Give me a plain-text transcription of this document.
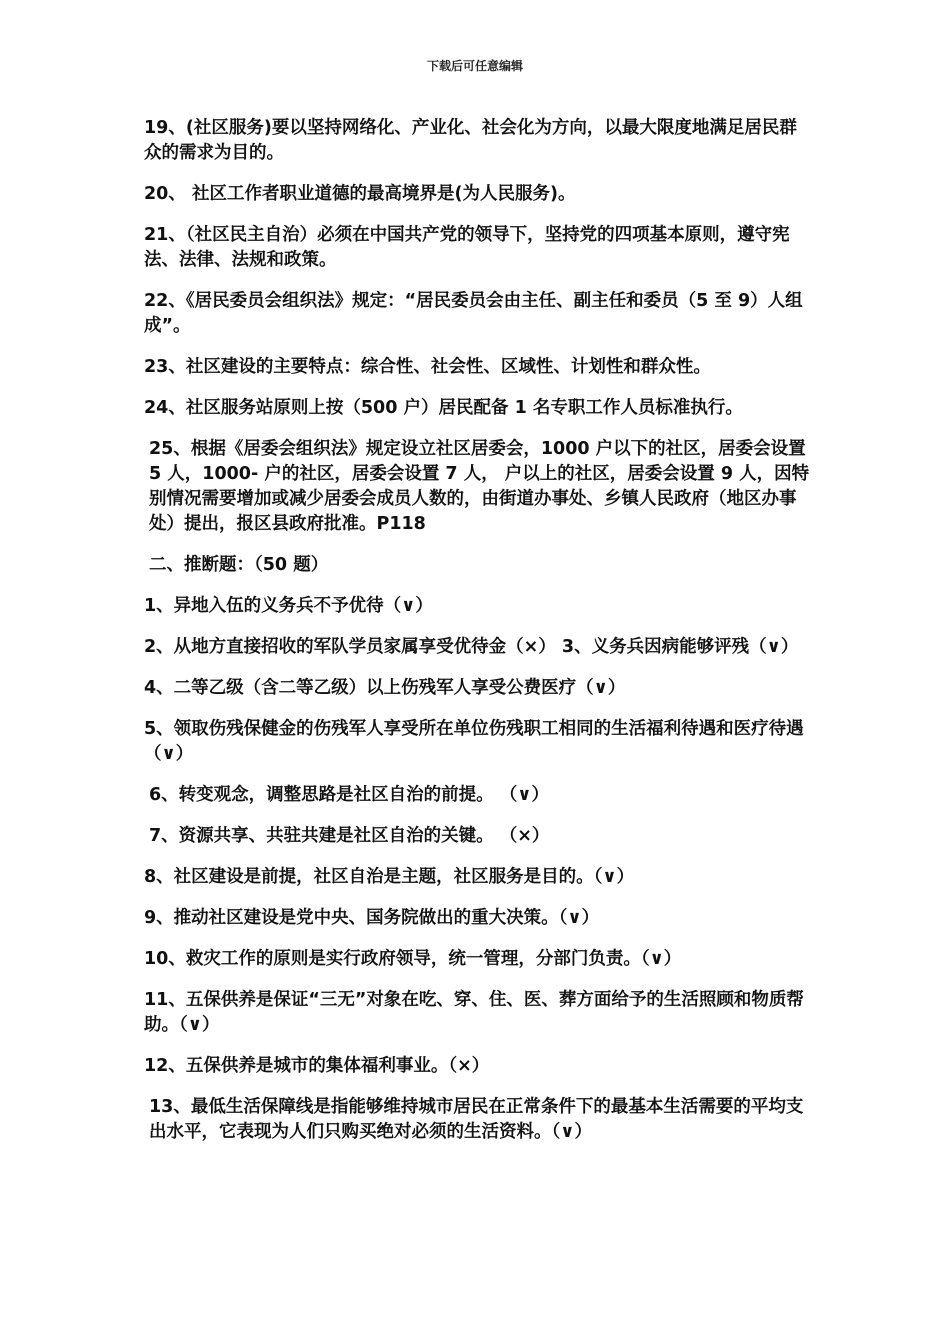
下载后可任意编辑

19、(社区服务)要以坚持网络化、产业化、社会化为方向，以最大限度地满足居民群众的需求为目的。

20、 社区工作者职业道德的最高境界是(为人民服务)。

21、（社区民主自治）必须在中国共产党的领导下，坚持党的四项基本原则，遵守宪法、法律、法规和政策。

22、《居民委员会组织法》规定：“居民委员会由主任、副主任和委员（5 至 9）人组成”。

23、社区建设的主要特点：综合性、社会性、区域性、计划性和群众性。

24、社区服务站原则上按（500 户）居民配备 1 名专职工作人员标准执行。

25、根据《居委会组织法》规定设立社区居委会，1000 户以下的社区，居委会设置 5 人，1000- 户的社区，居委会设置 7 人， 户以上的社区，居委会设置 9 人，因特别情况需要增加或减少居委会成员人数的，由街道办事处、乡镇人民政府（地区办事处）提出，报区县政府批准。P118

二、推断题：（50 题）

1、异地入伍的义务兵不予优待（∨）

2、从地方直接招收的军队学员家属享受优待金（×） 3、义务兵因病能够评残（∨）

4、二等乙级（含二等乙级）以上伤残军人享受公费医疗（∨）

5、领取伤残保健金的伤残军人享受所在单位伤残职工相同的生活福利待遇和医疗待遇（∨）

6、转变观念，调整思路是社区自治的前提。 （∨）

7、资源共享、共驻共建是社区自治的关键。 （×）

8、社区建设是前提，社区自治是主题，社区服务是目的。（∨）

9、推动社区建设是党中央、国务院做出的重大决策。（∨）

10、救灾工作的原则是实行政府领导，统一管理，分部门负责。（∨）

11、五保供养是保证“三无”对象在吃、穿、住、医、葬方面给予的生活照顾和物质帮助。（∨）

12、五保供养是城市的集体福利事业。（×）

13、最低生活保障线是指能够维持城市居民在正常条件下的最基本生活需要的平均支出水平，它表现为人们只购买绝对必须的生活资料。（∨）
